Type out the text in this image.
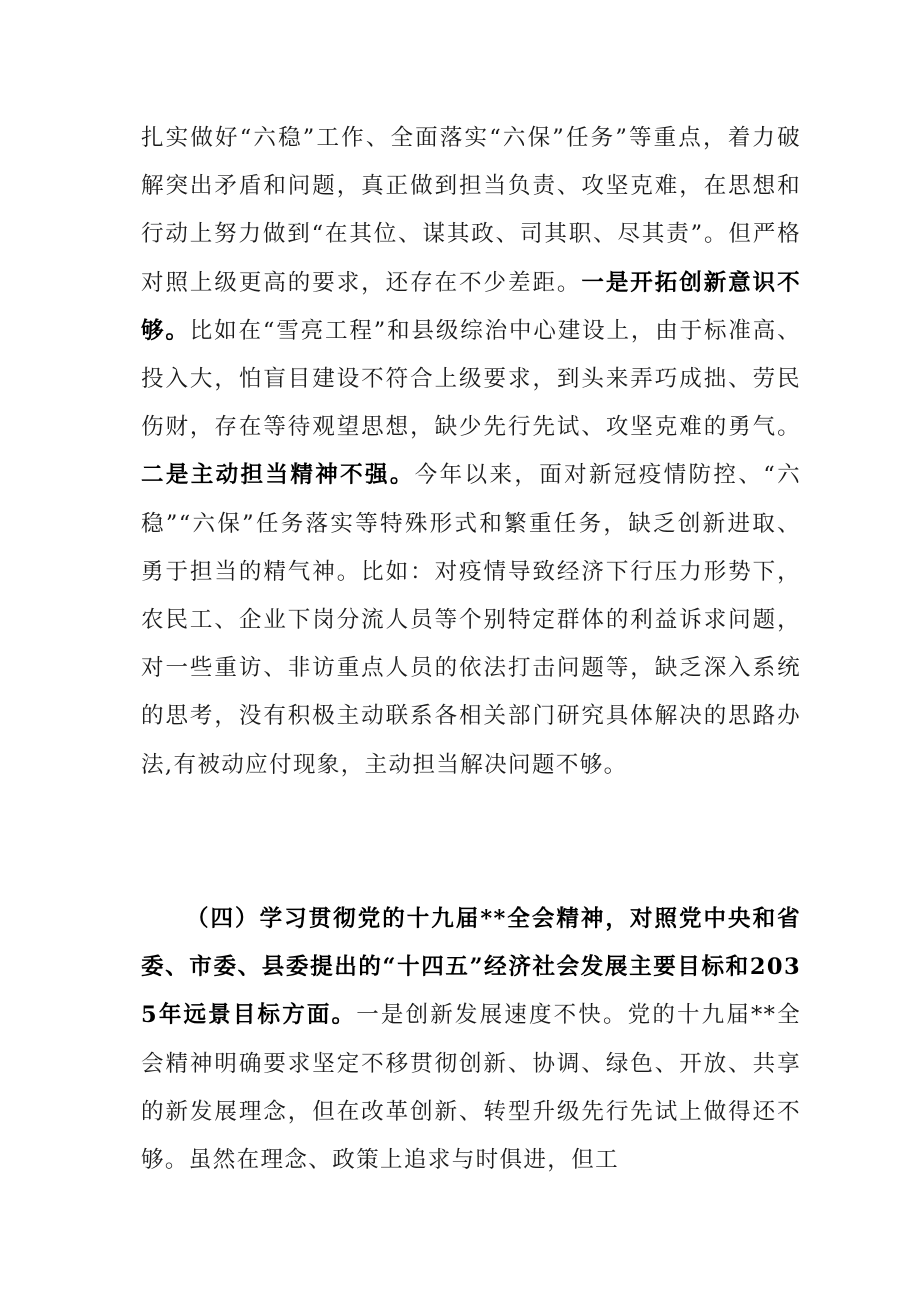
扎实做好“六稳”工作、全面落实“六保”任务”等重点，着力破解突出矛盾和问题，真正做到担当负责、攻坚克难，在思想和行动上努力做到“在其位、谋其政、司其职、尽其责”。但严格对照上级更高的要求，还存在不少差距。一是开拓创新意识不够。比如在“雪亮工程”和县级综治中心建设上，由于标准高、投入大，怕盲目建设不符合上级要求，到头来弄巧成拙、劳民伤财，存在等待观望思想，缺少先行先试、攻坚克难的勇气。二是主动担当精神不强。今年以来，面对新冠疫情防控、“六稳”“六保”任务落实等特殊形式和繁重任务，缺乏创新进取、勇于担当的精气神。比如：对疫情导致经济下行压力形势下，农民工、企业下岗分流人员等个别特定群体的利益诉求问题，对一些重访、非访重点人员的依法打击问题等，缺乏深入系统的思考，没有积极主动联系各相关部门研究具体解决的思路办法,有被动应付现象，主动担当解决问题不够。

（四）学习贯彻党的十九届**全会精神，对照党中央和省委、市委、县委提出的“十四五”经济社会发展主要目标和2035年远景目标方面。一是创新发展速度不快。党的十九届**全会精神明确要求坚定不移贯彻创新、协调、绿色、开放、共享的新发展理念，但在改革创新、转型升级先行先试上做得还不够。虽然在理念、政策上追求与时俱进，但工
